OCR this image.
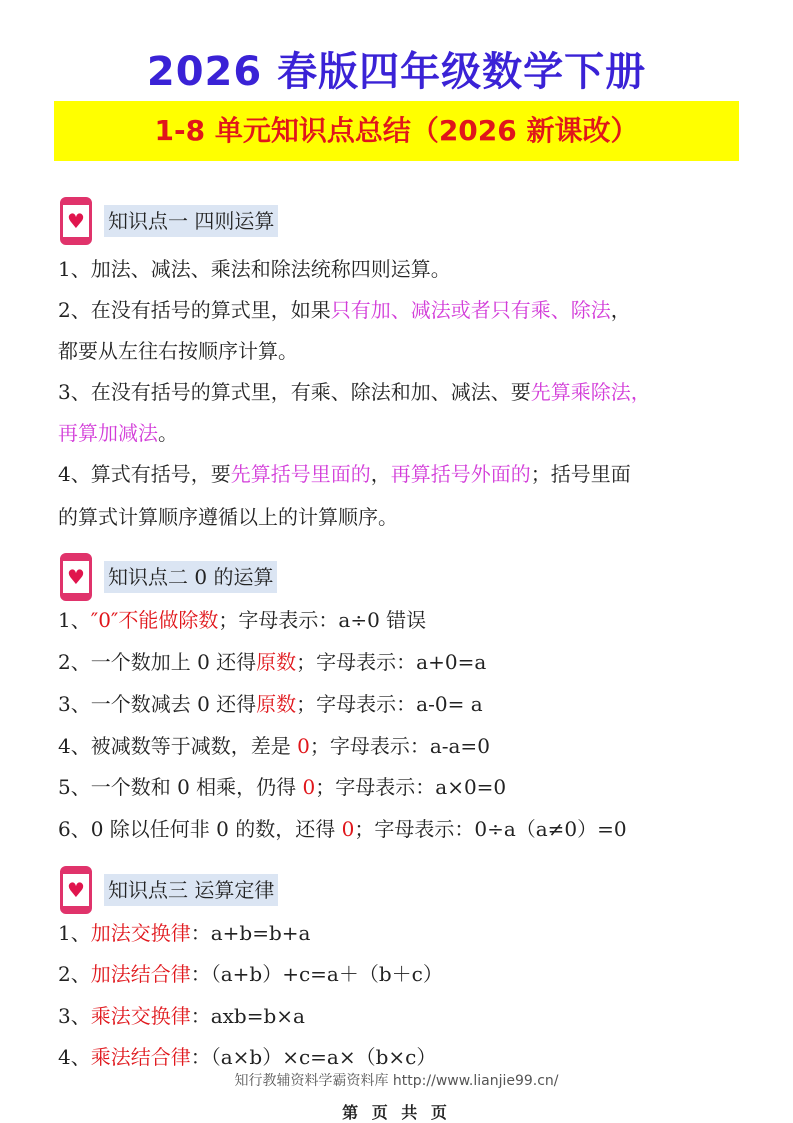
2026 春版四年级数学下册
1-8 单元知识点总结（2026 新课改）
♥ 知识点一 四则运算
1、加法、减法、乘法和除法统称四则运算。
2、在没有括号的算式里，如果只有加、减法或者只有乘、除法，
都要从左往右按顺序计算。
3、在没有括号的算式里，有乘、除法和加、减法、要先算乘除法，
再算加减法。
4、算式有括号，要先算括号里面的，再算括号外面的；括号里面
的算式计算顺序遵循以上的计算顺序。
♥ 知识点二 0 的运算
1、″0″不能做除数；字母表示：a÷0 错误
2、一个数加上 0 还得原数；字母表示：a+0=a
3、一个数减去 0 还得原数；字母表示：a-0= a
4、被减数等于减数，差是 0；字母表示：a-a=0
5、一个数和 0 相乘，仍得 0；字母表示：a×0=0
6、0 除以任何非 0 的数，还得 0；字母表示：0÷a（a≠0）=0
♥ 知识点三 运算定律
1、加法交换律：a+b=b+a
2、加法结合律：（a+b）+c=a＋（b＋c）
3、乘法交换律：axb=b×a
4、乘法结合律：（a×b）×c=a×（b×c）
知行教辅资料学霸资料库 http://www.lianjie99.cn/
第 页 共 页
